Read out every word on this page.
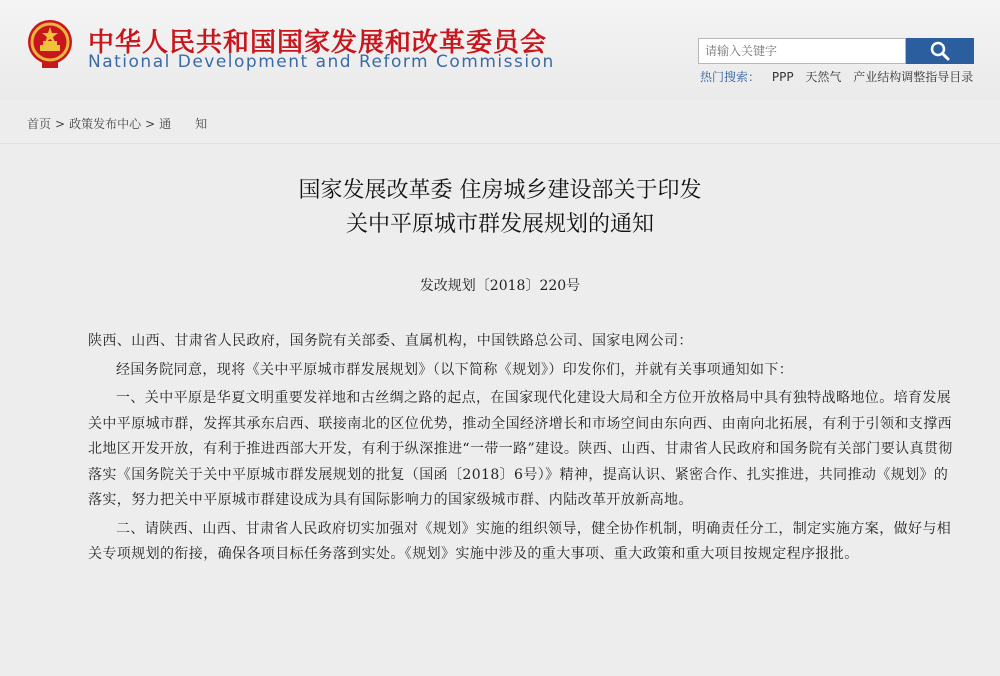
中华人民共和国国家发展和改革委员会
National Development and Reform Commission
请输入关键字
热门搜索： PPP 天然气 产业结构调整指导目录
首页 > 政策发布中心 > 通　　知
国家发展改革委 住房城乡建设部关于印发
关中平原城市群发展规划的通知
发改规划〔2018〕220号

陕西、山西、甘肃省人民政府，国务院有关部委、直属机构，中国铁路总公司、国家电网公司：

经国务院同意，现将《关中平原城市群发展规划》（以下简称《规划》）印发你们，并就有关事项通知如下：

一、关中平原是华夏文明重要发祥地和古丝绸之路的起点，在国家现代化建设大局和全方位开放格局中具有独特战略地位。培育发展关中平原城市群，发挥其承东启西、联接南北的区位优势，推动全国经济增长和市场空间由东向西、由南向北拓展，有利于引领和支撑西北地区开发开放，有利于推进西部大开发，有利于纵深推进“一带一路”建设。陕西、山西、甘肃省人民政府和国务院有关部门要认真贯彻落实《国务院关于关中平原城市群发展规划的批复（国函〔2018〕6号）》精神，提高认识、紧密合作、扎实推进，共同推动《规划》的落实，努力把关中平原城市群建设成为具有国际影响力的国家级城市群、内陆改革开放新高地。

二、请陕西、山西、甘肃省人民政府切实加强对《规划》实施的组织领导，健全协作机制，明确责任分工，制定实施方案，做好与相关专项规划的衔接，确保各项目标任务落到实处。《规划》实施中涉及的重大事项、重大政策和重大项目按规定程序报批。
